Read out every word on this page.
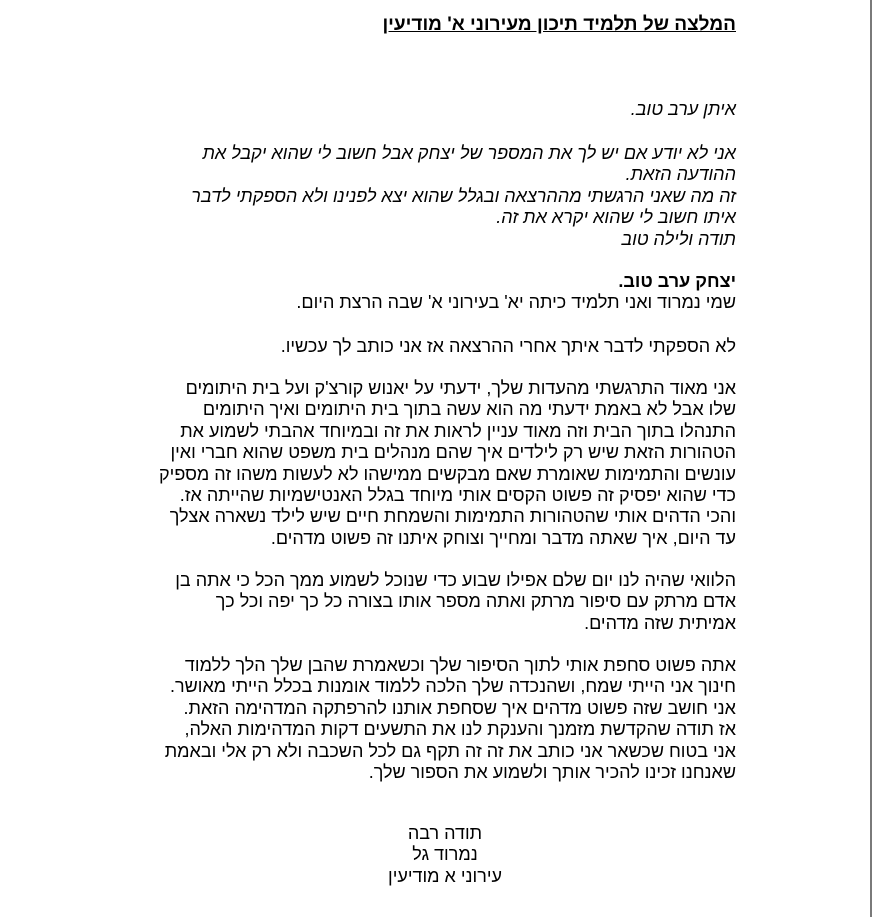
המלצה של תלמיד תיכון מעירוני א' מודיעין

איתן ערב טוב.

אני לא יודע אם יש לך את המספר של יצחק אבל חשוב לי שהוא יקבל את

ההודעה הזאת.

זה מה שאני הרגשתי מההרצאה ובגלל שהוא יצא לפנינו ולא הספקתי לדבר

איתו חשוב לי שהוא יקרא את זה.

תודה ולילה טוב

יצחק ערב טוב.

שמי נמרוד ואני תלמיד כיתה יא' בעירוני א' שבה הרצת היום.

לא הספקתי לדבר איתך אחרי ההרצאה אז אני כותב לך עכשיו.

אני מאוד התרגשתי מהעדות שלך, ידעתי על יאנוש קורצ'ק ועל בית היתומים

שלו אבל לא באמת ידעתי מה הוא עשה בתוך בית היתומים ואיך היתומים

התנהלו בתוך הבית וזה מאוד עניין לראות את זה ובמיוחד אהבתי לשמוע את

הטהורות הזאת שיש רק לילדים איך שהם מנהלים בית משפט שהוא חברי ואין

עונשים והתמימות שאומרת שאם מבקשים ממישהו לא לעשות משהו זה מספיק

כדי שהוא יפסיק זה פשוט הקסים אותי מיוחד בגלל האנטישמיות שהייתה אז.

והכי הדהים אותי שהטהורות התמימות והשמחת חיים שיש לילד נשארה אצלך

עד היום, איך שאתה מדבר ומחייך וצוחק איתנו זה פשוט מדהים.

הלוואי שהיה לנו יום שלם אפילו שבוע כדי שנוכל לשמוע ממך הכל כי אתה בן

אדם מרתק עם סיפור מרתק ואתה מספר אותו בצורה כל כך יפה וכל כך

אמיתית שזה מדהים.

אתה פשוט סחפת אותי לתוך הסיפור שלך וכשאמרת שהבן שלך הלך ללמוד

חינוך אני הייתי שמח, ושהנכדה שלך הלכה ללמוד אומנות בכלל הייתי מאושר.

אני חושב שזה פשוט מדהים איך שסחפת אותנו להרפתקה המדהימה הזאת.

אז תודה שהקדשת מזמנך והענקת לנו את התשעים דקות המדהימות האלה,

אני בטוח שכשאר אני כותב את זה זה תקף גם לכל השכבה ולא רק אלי ובאמת

שאנחנו זכינו להכיר אותך ולשמוע את הספור שלך.

תודה רבה

נמרוד גל

עירוני א מודיעין
